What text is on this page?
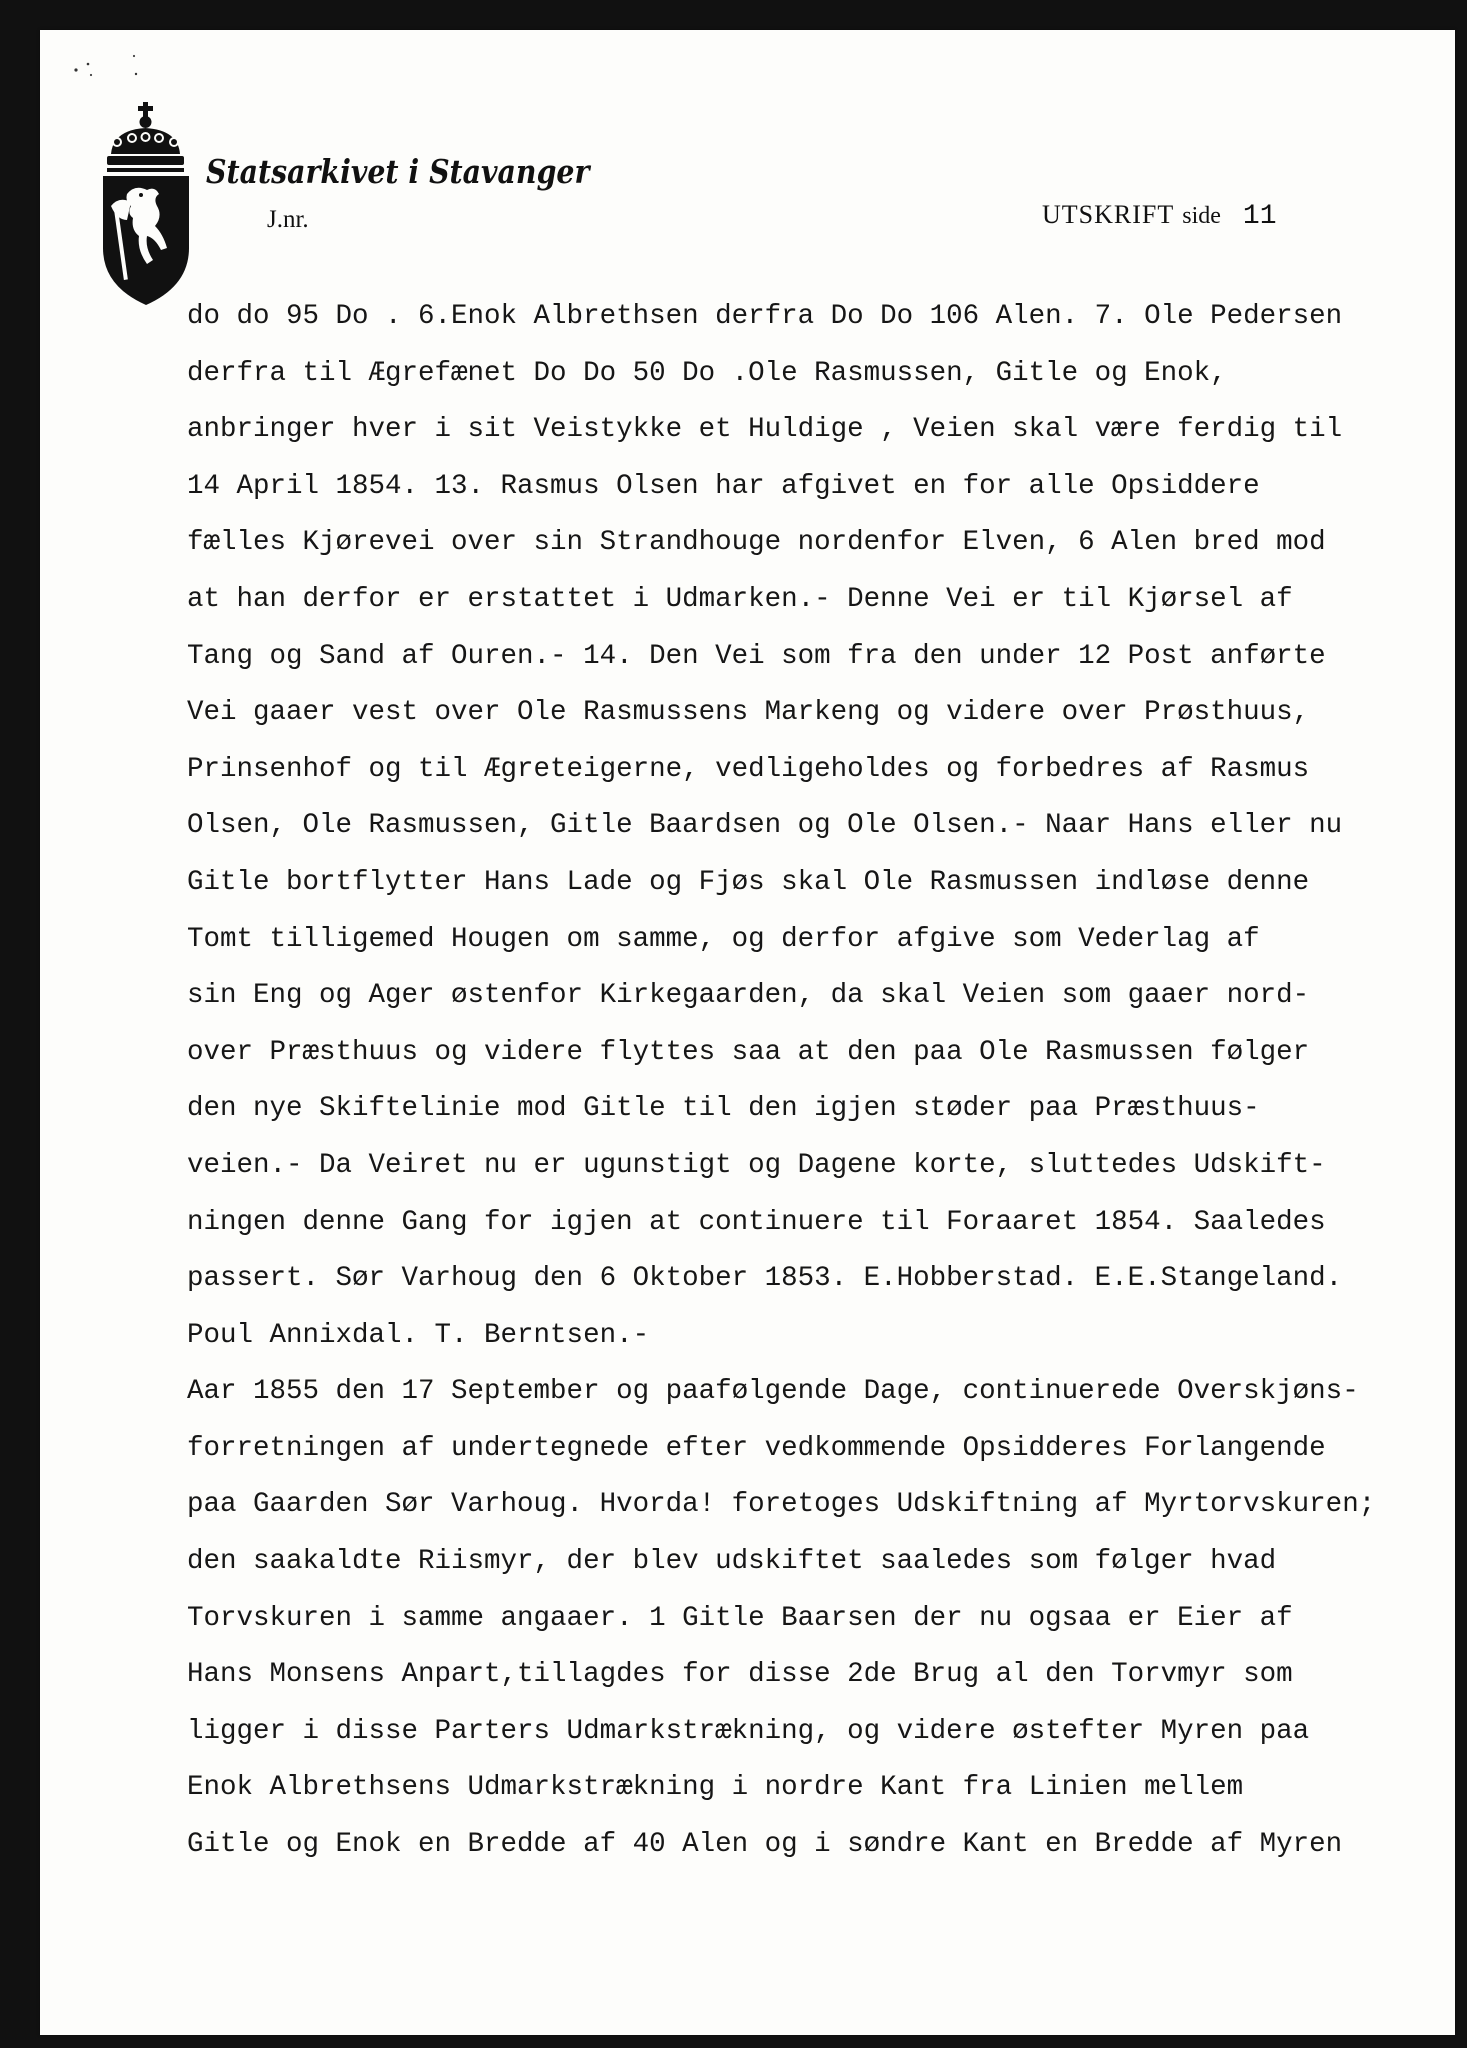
Statsarkivet i Stavanger
J.nr.	UTSKRIFT side 11
do do 95 Do . 6.Enok Albrethsen derfra Do Do 106 Alen. 7. Ole Pedersen
derfra til Ægrefænet Do Do 50 Do .Ole Rasmussen, Gitle og Enok,
anbringer hver i sit Veistykke et Huldige , Veien skal være ferdig til
14 April 1854. 13. Rasmus Olsen har afgivet en for alle Opsiddere
fælles Kjørevei over sin Strandhouge nordenfor Elven, 6 Alen bred mod
at han derfor er erstattet i Udmarken.- Denne Vei er til Kjørsel af
Tang og Sand af Ouren.- 14. Den Vei som fra den under 12 Post anførte
Vei gaaer vest over Ole Rasmussens Markeng og videre over Prøsthuus,
Prinsenhof og til Ægreteigerne, vedligeholdes og forbedres af Rasmus
Olsen, Ole Rasmussen, Gitle Baardsen og Ole Olsen.- Naar Hans eller nu
Gitle bortflytter Hans Lade og Fjøs skal Ole Rasmussen indløse denne
Tomt tilligemed Hougen om samme, og derfor afgive som Vederlag af
sin Eng og Ager østenfor Kirkegaarden, da skal Veien som gaaer nord-
over Præsthuus og videre flyttes saa at den paa Ole Rasmussen følger
den nye Skiftelinie mod Gitle til den igjen støder paa Præsthuus-
veien.- Da Veiret nu er ugunstigt og Dagene korte, sluttedes Udskift-
ningen denne Gang for igjen at continuere til Foraaret 1854. Saaledes
passert. Sør Varhoug den 6 Oktober 1853. E.Hobberstad. E.E.Stangeland.
Poul Annixdal. T. Berntsen.-
Aar 1855 den 17 September og paafølgende Dage, continuerede Overskjøns-
forretningen af undertegnede efter vedkommende Opsidderes Forlangende
paa Gaarden Sør Varhoug. Hvorda! foretoges Udskiftning af Myrtorvskuren;
den saakaldte Riismyr, der blev udskiftet saaledes som følger hvad
Torvskuren i samme angaaer. 1 Gitle Baarsen der nu ogsaa er Eier af
Hans Monsens Anpart,tillagdes for disse 2de Brug al den Torvmyr som
ligger i disse Parters Udmarkstrækning, og videre østefter Myren paa
Enok Albrethsens Udmarkstrækning i nordre Kant fra Linien mellem
Gitle og Enok en Bredde af 40 Alen og i søndre Kant en Bredde af Myren
